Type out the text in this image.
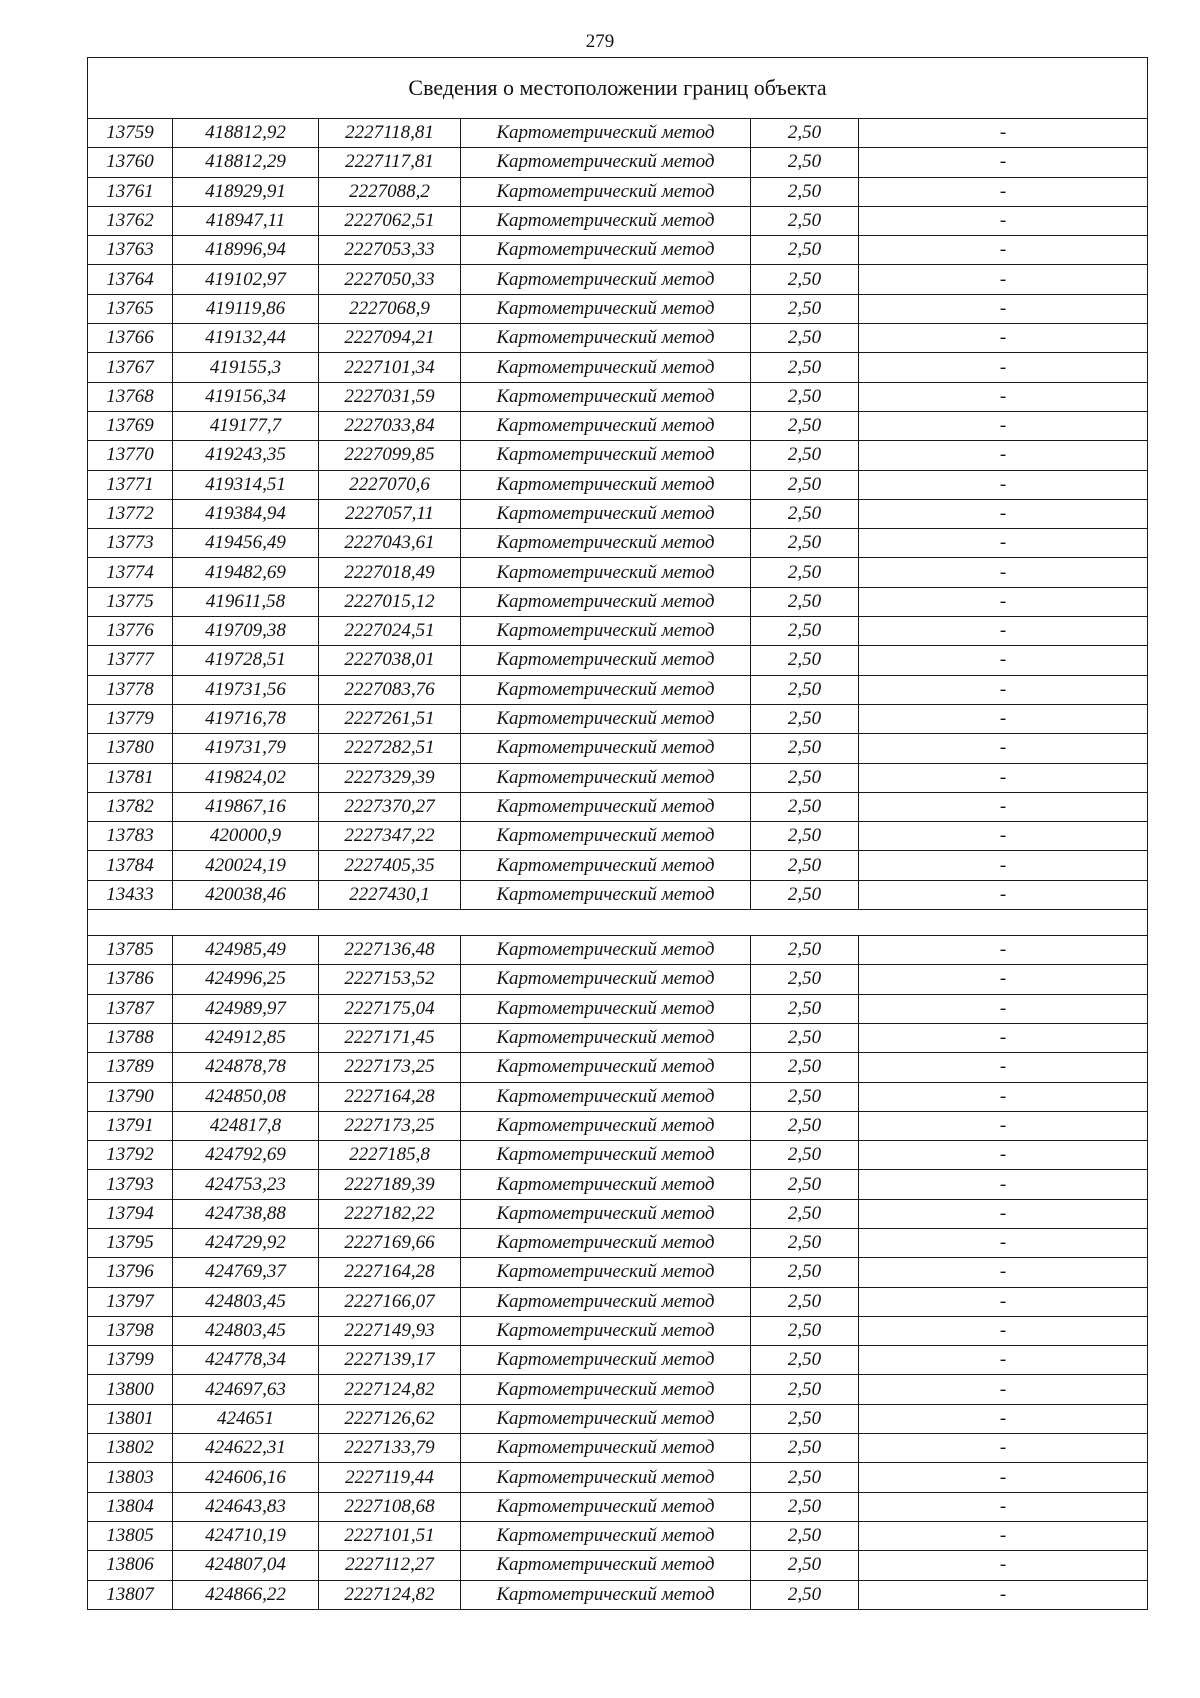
279
Сведения о местоположении границ объекта					
13759	418812,92	2227118,81	Картометрический метод	2,50	-
13760	418812,29	2227117,81	Картометрический метод	2,50	-
13761	418929,91	2227088,2	Картометрический метод	2,50	-
13762	418947,11	2227062,51	Картометрический метод	2,50	-
13763	418996,94	2227053,33	Картометрический метод	2,50	-
13764	419102,97	2227050,33	Картометрический метод	2,50	-
13765	419119,86	2227068,9	Картометрический метод	2,50	-
13766	419132,44	2227094,21	Картометрический метод	2,50	-
13767	419155,3	2227101,34	Картометрический метод	2,50	-
13768	419156,34	2227031,59	Картометрический метод	2,50	-
13769	419177,7	2227033,84	Картометрический метод	2,50	-
13770	419243,35	2227099,85	Картометрический метод	2,50	-
13771	419314,51	2227070,6	Картометрический метод	2,50	-
13772	419384,94	2227057,11	Картометрический метод	2,50	-
13773	419456,49	2227043,61	Картометрический метод	2,50	-
13774	419482,69	2227018,49	Картометрический метод	2,50	-
13775	419611,58	2227015,12	Картометрический метод	2,50	-
13776	419709,38	2227024,51	Картометрический метод	2,50	-
13777	419728,51	2227038,01	Картометрический метод	2,50	-
13778	419731,56	2227083,76	Картометрический метод	2,50	-
13779	419716,78	2227261,51	Картометрический метод	2,50	-
13780	419731,79	2227282,51	Картометрический метод	2,50	-
13781	419824,02	2227329,39	Картометрический метод	2,50	-
13782	419867,16	2227370,27	Картометрический метод	2,50	-
13783	420000,9	2227347,22	Картометрический метод	2,50	-
13784	420024,19	2227405,35	Картометрический метод	2,50	-
13433	420038,46	2227430,1	Картометрический метод	2,50	-

13785	424985,49	2227136,48	Картометрический метод	2,50	-
13786	424996,25	2227153,52	Картометрический метод	2,50	-
13787	424989,97	2227175,04	Картометрический метод	2,50	-
13788	424912,85	2227171,45	Картометрический метод	2,50	-
13789	424878,78	2227173,25	Картометрический метод	2,50	-
13790	424850,08	2227164,28	Картометрический метод	2,50	-
13791	424817,8	2227173,25	Картометрический метод	2,50	-
13792	424792,69	2227185,8	Картометрический метод	2,50	-
13793	424753,23	2227189,39	Картометрический метод	2,50	-
13794	424738,88	2227182,22	Картометрический метод	2,50	-
13795	424729,92	2227169,66	Картометрический метод	2,50	-
13796	424769,37	2227164,28	Картометрический метод	2,50	-
13797	424803,45	2227166,07	Картометрический метод	2,50	-
13798	424803,45	2227149,93	Картометрический метод	2,50	-
13799	424778,34	2227139,17	Картометрический метод	2,50	-
13800	424697,63	2227124,82	Картометрический метод	2,50	-
13801	424651	2227126,62	Картометрический метод	2,50	-
13802	424622,31	2227133,79	Картометрический метод	2,50	-
13803	424606,16	2227119,44	Картометрический метод	2,50	-
13804	424643,83	2227108,68	Картометрический метод	2,50	-
13805	424710,19	2227101,51	Картометрический метод	2,50	-
13806	424807,04	2227112,27	Картометрический метод	2,50	-
13807	424866,22	2227124,82	Картометрический метод	2,50	-
